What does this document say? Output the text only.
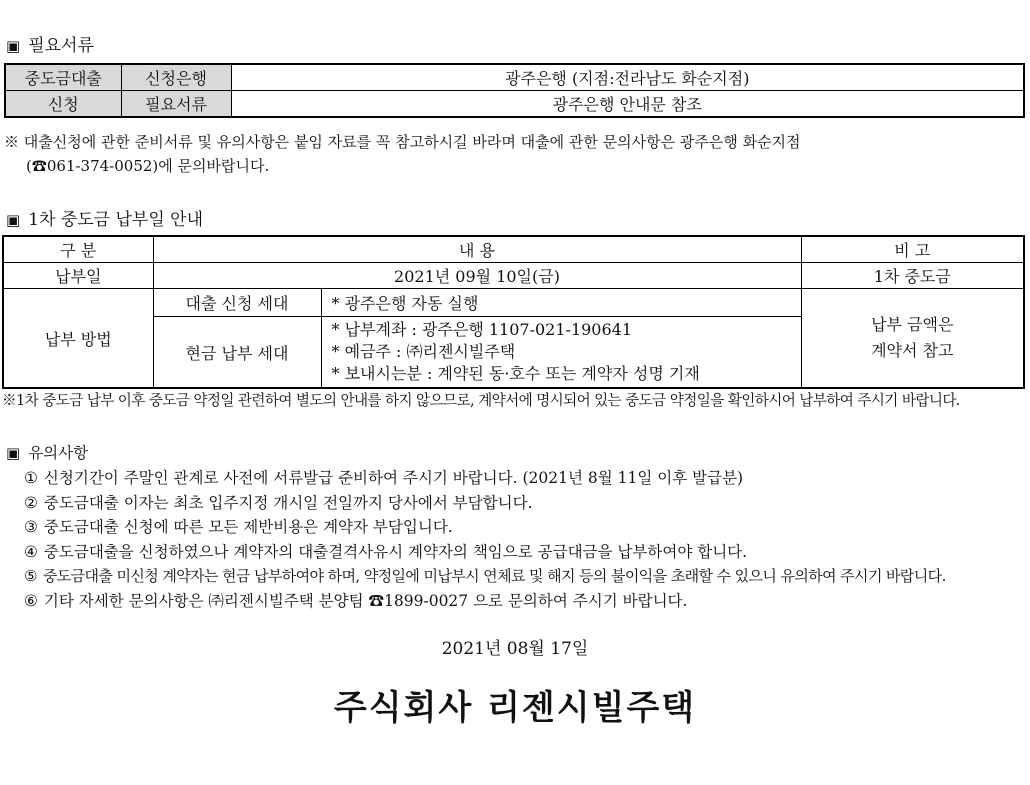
▣ 필요서류
중도금대출	신청은행	광주은행 (지점:전라남도 화순지점)
신청	필요서류	광주은행 안내문 참조
※ 대출신청에 관한 준비서류 및 유의사항은 붙임 자료를 꼭 참고하시길 바라며 대출에 관한 문의사항은 광주은행 화순지점
(☎061-374-0052)에 문의바랍니다.
▣ 1차 중도금 납부일 안내
구 분	내 용		비 고
납부일	2021년 09월 10일(금)		1차 중도금
납부 방법	대출 신청 세대	* 광주은행 자동 실행	납부 금액은
계약서 참고

	현금 납부 세대	* 납부계좌 : 광주은행 1107-021-190641
* 예금주 : ㈜리젠시빌주택
* 보내시는분 : 계약된 동·호수 또는 계약자 성명 기재	
※1차 중도금 납부 이후 중도금 약정일 관련하여 별도의 안내를 하지 않으므로, 계약서에 명시되어 있는 중도금 약정일을 확인하시어 납부하여 주시기 바랍니다.
▣ 유의사항
① 신청기간이 주말인 관계로 사전에 서류발급 준비하여 주시기 바랍니다. (2021년 8월 11일 이후 발급분)
② 중도금대출 이자는 최초 입주지정 개시일 전일까지 당사에서 부담합니다.
③ 중도금대출 신청에 따른 모든 제반비용은 계약자 부담입니다.
④ 중도금대출을 신청하였으나 계약자의 대출결격사유시 계약자의 책임으로 공급대금을 납부하여야 합니다.
⑤ 중도금대출 미신청 계약자는 현금 납부하여야 하며, 약정일에 미납부시 연체료 및 해지 등의 불이익을 초래할 수 있으니 유의하여 주시기 바랍니다.
⑥ 기타 자세한 문의사항은 ㈜리젠시빌주택 분양팀 ☎1899-0027 으로 문의하여 주시기 바랍니다.
2021년 08월 17일
주식회사 리젠시빌주택
